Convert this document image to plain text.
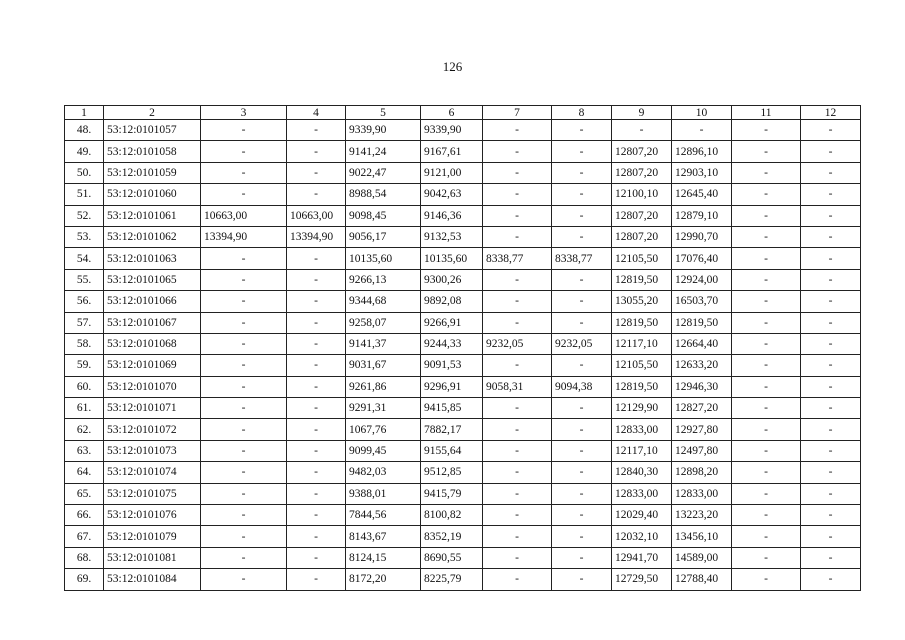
126
1	2	3	4	5	6	7	8	9	10	11	12
48.	53:12:0101057	-	-	9339,90	9339,90	-	-	-	-	-	-
49.	53:12:0101058	-	-	9141,24	9167,61	-	-	12807,20	12896,10	-	-
50.	53:12:0101059	-	-	9022,47	9121,00	-	-	12807,20	12903,10	-	-
51.	53:12:0101060	-	-	8988,54	9042,63	-	-	12100,10	12645,40	-	-
52.	53:12:0101061	10663,00	10663,00	9098,45	9146,36	-	-	12807,20	12879,10	-	-
53.	53:12:0101062	13394,90	13394,90	9056,17	9132,53	-	-	12807,20	12990,70	-	-
54.	53:12:0101063	-	-	10135,60	10135,60	8338,77	8338,77	12105,50	17076,40	-	-
55.	53:12:0101065	-	-	9266,13	9300,26	-	-	12819,50	12924,00	-	-
56.	53:12:0101066	-	-	9344,68	9892,08	-	-	13055,20	16503,70	-	-
57.	53:12:0101067	-	-	9258,07	9266,91	-	-	12819,50	12819,50	-	-
58.	53:12:0101068	-	-	9141,37	9244,33	9232,05	9232,05	12117,10	12664,40	-	-
59.	53:12:0101069	-	-	9031,67	9091,53	-	-	12105,50	12633,20	-	-
60.	53:12:0101070	-	-	9261,86	9296,91	9058,31	9094,38	12819,50	12946,30	-	-
61.	53:12:0101071	-	-	9291,31	9415,85	-	-	12129,90	12827,20	-	-
62.	53:12:0101072	-	-	1067,76	7882,17	-	-	12833,00	12927,80	-	-
63.	53:12:0101073	-	-	9099,45	9155,64	-	-	12117,10	12497,80	-	-
64.	53:12:0101074	-	-	9482,03	9512,85	-	-	12840,30	12898,20	-	-
65.	53:12:0101075	-	-	9388,01	9415,79	-	-	12833,00	12833,00	-	-
66.	53:12:0101076	-	-	7844,56	8100,82	-	-	12029,40	13223,20	-	-
67.	53:12:0101079	-	-	8143,67	8352,19	-	-	12032,10	13456,10	-	-
68.	53:12:0101081	-	-	8124,15	8690,55	-	-	12941,70	14589,00	-	-
69.	53:12:0101084	-	-	8172,20	8225,79	-	-	12729,50	12788,40	-	-
